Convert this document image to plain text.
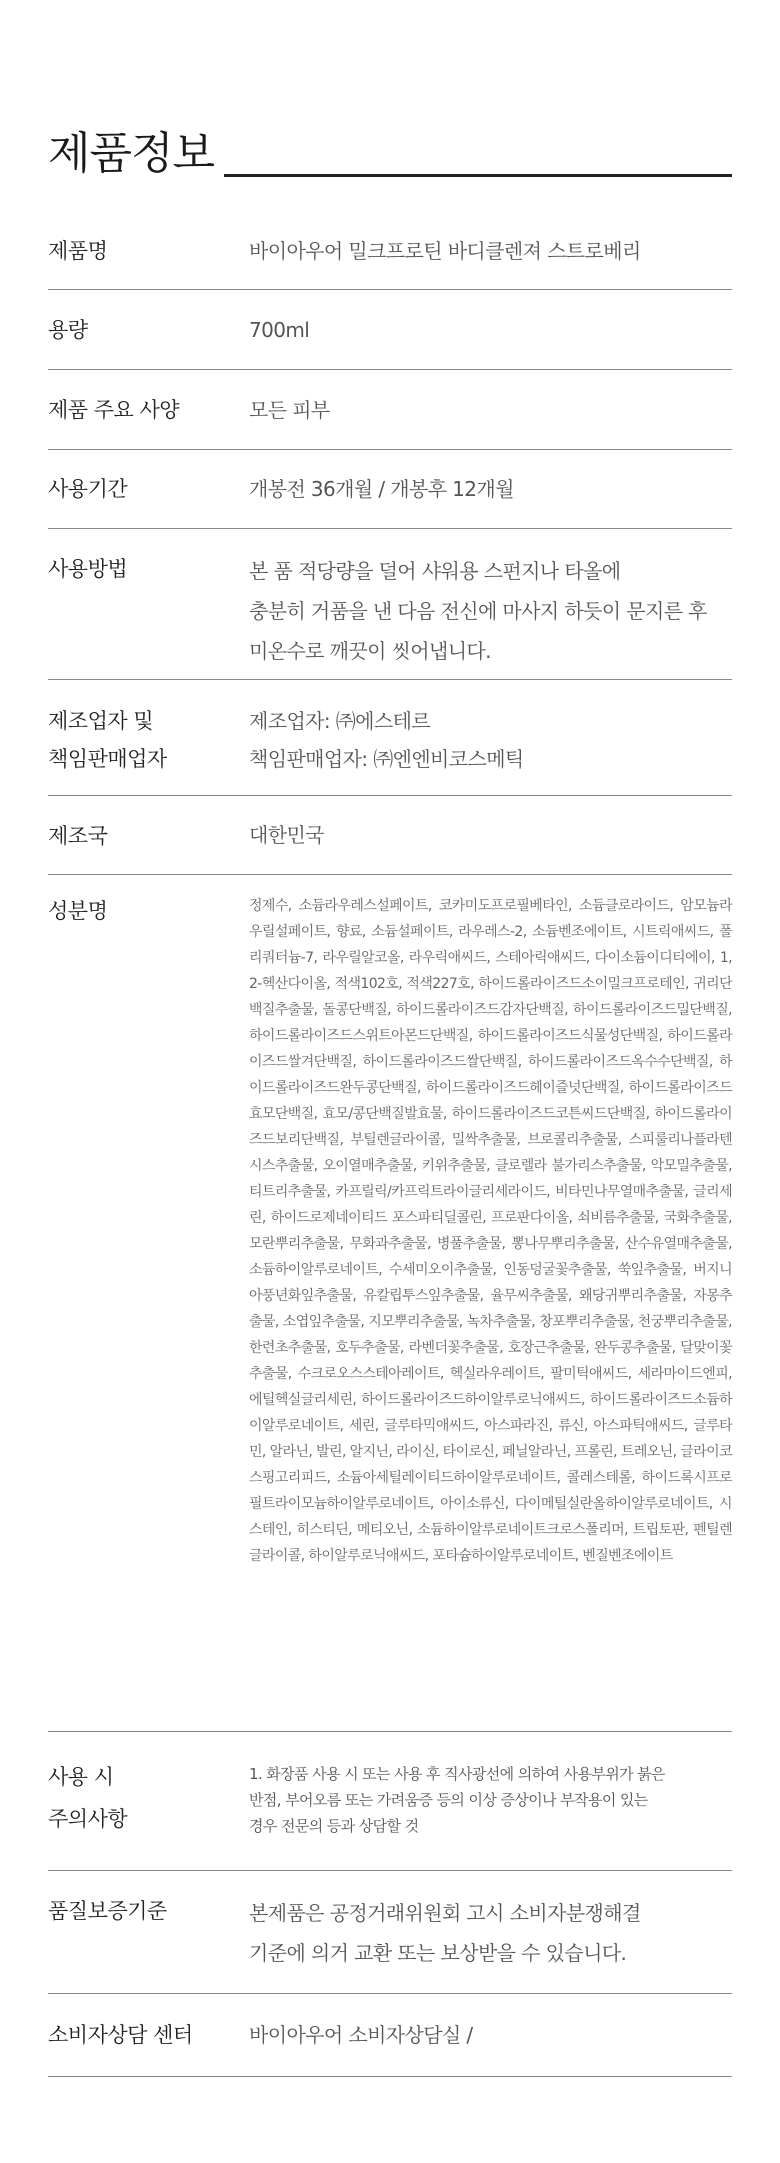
제품정보
제품명	바이아우어 밀크프로틴 바디클렌져 스트로베리
용량	700ml
제품 주요 사양	모든 피부
사용기간	개봉전 36개월 / 개봉후 12개월
사용방법	본 품 적당량을 덜어 샤워용 스펀지나 타올에
충분히 거품을 낸 다음 전신에 마사지 하듯이 문지른 후
미온수로 깨끗이 씻어냅니다.
제조업자 및
책임판매업자
제조업자: ㈜에스테르
책임판매업자: ㈜엔엔비코스메틱
제조국	대한민국
성분명	정제수, 소듐라우레스설페이트, 코카미도프로필베타인, 소듐클로라이드, 암모늄라우릴설페이트, 향료, 소듐설페이트, 라우레스-2, 소듐벤조에이트, 시트릭애씨드, 폴리쿼터늄-7, 라우릴알코올, 라우릭애씨드, 스테아릭애씨드, 다이소듐이디티에이, 1,2-헥산다이올, 적색102호, 적색227호, 하이드롤라이즈드소이밀크프로테인, 귀리단백질추출물, 돌콩단백질, 하이드롤라이즈드감자단백질, 하이드롤라이즈드밀단백질, 하이드롤라이즈드스위트아몬드단백질, 하이드롤라이즈드식물성단백질, 하이드롤라이즈드쌀겨단백질, 하이드롤라이즈드쌀단백질, 하이드롤라이즈드옥수수단백질, 하이드롤라이즈드완두콩단백질, 하이드롤라이즈드헤이즐넛단백질, 하이드롤라이즈드효모단백질, 효모/콩단백질발효물, 하이드롤라이즈드코튼씨드단백질, 하이드롤라이즈드보리단백질, 부틸렌글라이콜, 밀싹추출물, 브로콜리추출물, 스피룰리나플라텐시스추출물, 오이열매추출물, 키위추출물, 클로렐라 불가리스추출물, 악모밀추출물, 티트리추출물, 카프릴릭/카프릭트라이글리세라이드, 비타민나무열매추출물, 글리세린, 하이드로제네이티드 포스파티딜콜린, 프로판다이올, 쇠비름추출물, 국화추출물, 모란뿌리추출물, 무화과추출물, 병풀추출물, 뽕나무뿌리추출물, 산수유열매추출물, 소듐하이알루로네이트, 수세미오이추출물, 인동덩굴꽃추출물, 쑥잎추출물, 버지니아풍년화잎추출물, 유칼립투스잎추출물, 율무씨추출물, 왜당귀뿌리추출물, 자몽추출물, 소엽잎추출물, 지모뿌리추출물, 녹차추출물, 창포뿌리추출물, 천궁뿌리추출물, 한련초추출물, 호두추출물, 라벤더꽃추출물, 호장근추출물, 완두콩추출물, 달맞이꽃추출물, 수크로오스스테아레이트, 헥실라우레이트, 팔미틱애씨드, 세라마이드엔피, 에틸헥실글리세린, 하이드롤라이즈드하이알루로닉애씨드, 하이드롤라이즈드소듐하이알루로네이트, 세린, 글루타믹애씨드, 아스파라진, 류신, 아스파틱애씨드, 글루타민, 알라닌, 발린, 알지닌, 라이신, 타이로신, 페닐알라닌, 프롤린, 트레오닌, 글라이코스핑고리피드, 소듐아세틸레이티드하이알루로네이트, 콜레스테롤, 하이드록시프로필트라이모늄하이알루로네이트, 아이소류신, 다이메틸실란올하이알루로네이트, 시스테인, 히스티딘, 메티오닌, 소듐하이알루로네이트크로스폴리머, 트립토판, 펜틸렌글라이콜, 하이알루로닉애씨드, 포타슘하이알루로네이트, 벤질벤조에이트
사용 시
주의사항
1. 화장품 사용 시 또는 사용 후 직사광선에 의하여 사용부위가 붉은
반점, 부어오름 또는 가려움증 등의 이상 증상이나 부작용이 있는
경우 전문의 등과 상담할 것
품질보증기준	본제품은 공정거래위원회 고시 소비자분쟁해결
기준에 의거 교환 또는 보상받을 수 있습니다.
소비자상담 센터	바이아우어 소비자상담실 /
